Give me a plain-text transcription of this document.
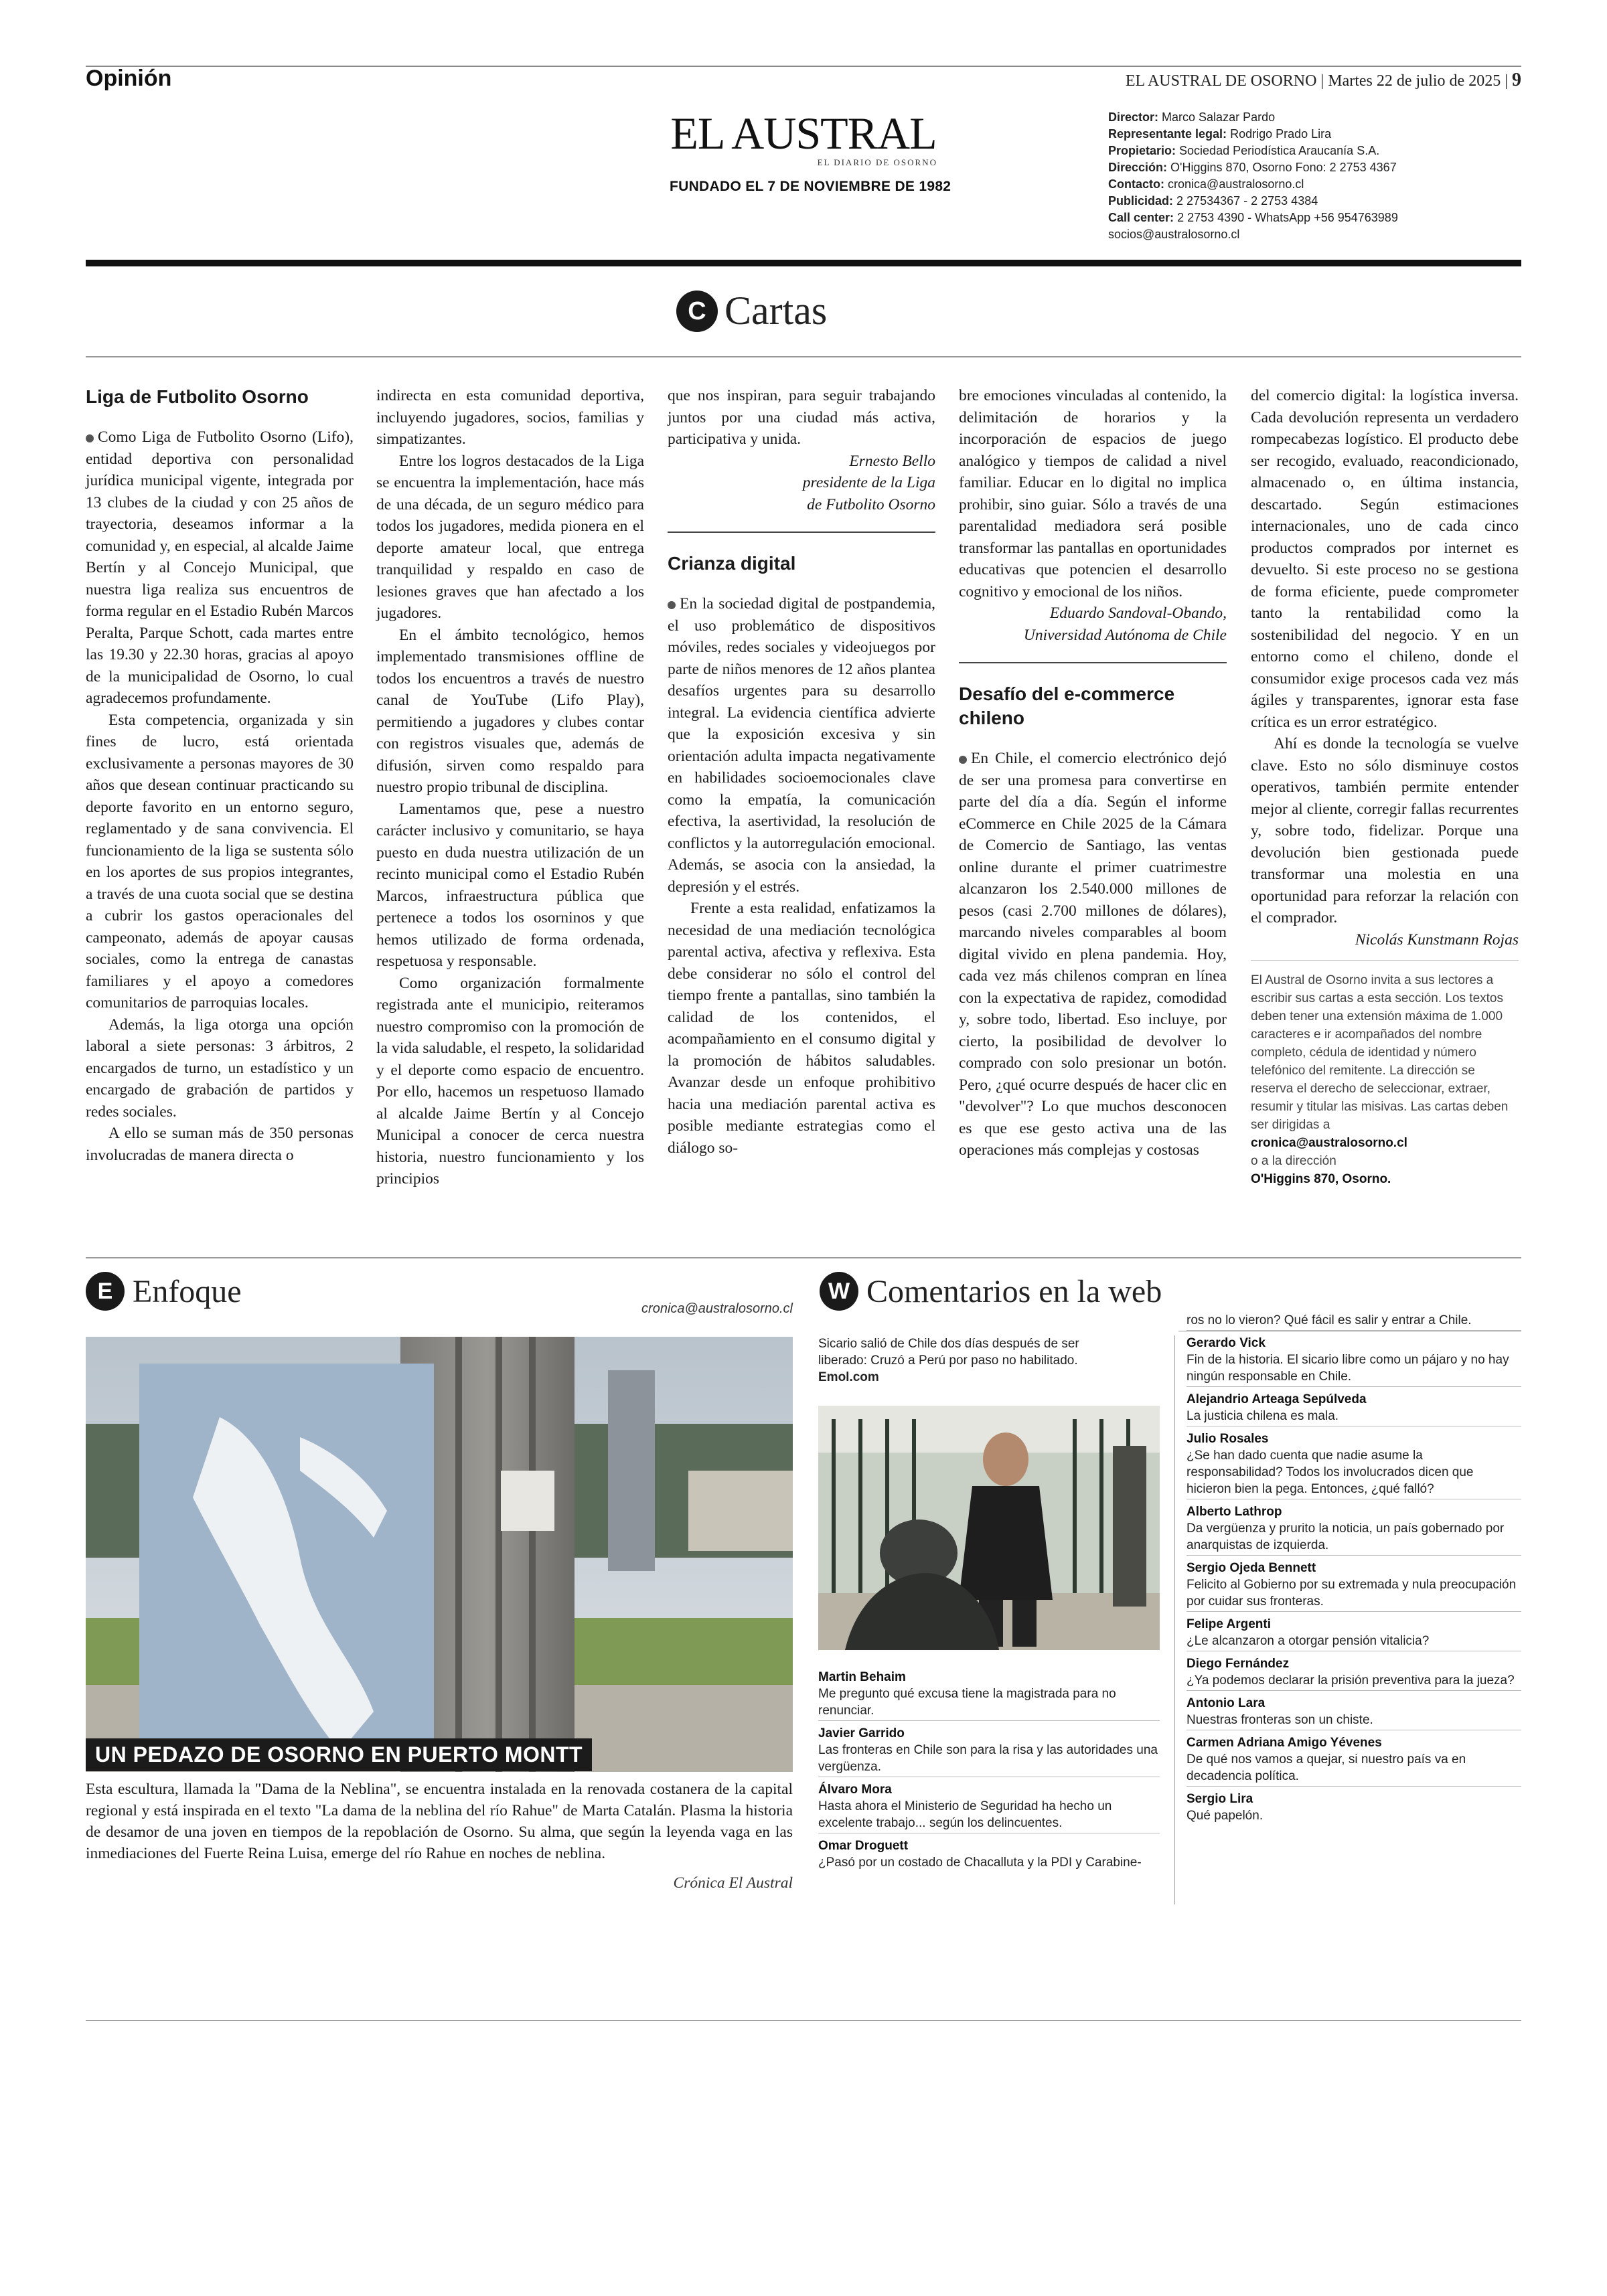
Opinión	EL AUSTRAL DE OSORNO | Martes 22 de julio de 2025 | 9
EL AUSTRAL
EL DIARIO DE OSORNO
FUNDADO EL 7 DE NOVIEMBRE DE 1982
Director: Marco Salazar Pardo
Representante legal: Rodrigo Prado Lira
Propietario: Sociedad Periodística Araucanía S.A.
Dirección: O'Higgins 870, Osorno Fono: 2 2753 4367
Contacto: cronica@australosorno.cl
Publicidad: 2 27534367 - 2 2753 4384
Call center: 2 2753 4390 - WhatsApp +56 954763989
socios@australosorno.cl
C Cartas
Liga de Futbolito Osorno

Como Liga de Futbolito Osorno (Lifo), entidad deportiva con personalidad jurídica municipal vigente, integrada por 13 clubes de la ciudad y con 25 años de trayectoria, deseamos informar a la comunidad y, en especial, al alcalde Jaime Bertín y al Concejo Municipal, que nuestra liga realiza sus encuentros de forma regular en el Estadio Rubén Marcos Peralta, Parque Schott, cada martes entre las 19.30 y 22.30 horas, gracias al apoyo de la municipalidad de Osorno, lo cual agradecemos profundamente.

Esta competencia, organizada y sin fines de lucro, está orientada exclusivamente a personas mayores de 30 años que desean continuar practicando su deporte favorito en un entorno seguro, reglamentado y de sana convivencia. El funcionamiento de la liga se sustenta sólo en los aportes de sus propios integrantes, a través de una cuota social que se destina a cubrir los gastos operacionales del campeonato, además de apoyar causas sociales, como la entrega de canastas familiares y el apoyo a comedores comunitarios de parroquias locales.

Además, la liga otorga una opción laboral a siete personas: 3 árbitros, 2 encargados de turno, un estadístico y un encargado de grabación de partidos y redes sociales.

A ello se suman más de 350 personas involucradas de manera directa o

indirecta en esta comunidad deportiva, incluyendo jugadores, socios, familias y simpatizantes.

Entre los logros destacados de la Liga se encuentra la implementación, hace más de una década, de un seguro médico para todos los jugadores, medida pionera en el deporte amateur local, que entrega tranquilidad y respaldo en caso de lesiones graves que han afectado a los jugadores.

En el ámbito tecnológico, hemos implementado transmisiones offline de todos los encuentros a través de nuestro canal de YouTube (Lifo Play), permitiendo a jugadores y clubes contar con registros visuales que, además de difusión, sirven como respaldo para nuestro propio tribunal de disciplina.

Lamentamos que, pese a nuestro carácter inclusivo y comunitario, se haya puesto en duda nuestra utilización de un recinto municipal como el Estadio Rubén Marcos, infraestructura pública que pertenece a todos los osorninos y que hemos utilizado de forma ordenada, respetuosa y responsable.

Como organización formalmente registrada ante el municipio, reiteramos nuestro compromiso con la promoción de la vida saludable, el respeto, la solidaridad y el deporte como espacio de encuentro. Por ello, hacemos un respetuoso llamado al alcalde Jaime Bertín y al Concejo Municipal a conocer de cerca nuestra historia, nuestro funcionamiento y los principios

que nos inspiran, para seguir trabajando juntos por una ciudad más activa, participativa y unida.

Ernesto Bello
presidente de la Liga
de Futbolito Osorno

Crianza digital

En la sociedad digital de postpandemia, el uso problemático de dispositivos móviles, redes sociales y videojuegos por parte de niños menores de 12 años plantea desafíos urgentes para su desarrollo integral. La evidencia científica advierte que la exposición excesiva y sin orientación adulta impacta negativamente en habilidades socioemocionales clave como la empatía, la comunicación efectiva, la asertividad, la resolución de conflictos y la autorregulación emocional. Además, se asocia con la ansiedad, la depresión y el estrés.

Frente a esta realidad, enfatizamos la necesidad de una mediación tecnológica parental activa, afectiva y reflexiva. Esta debe considerar no sólo el control del tiempo frente a pantallas, sino también la calidad de los contenidos, el acompañamiento en el consumo digital y la promoción de hábitos saludables. Avanzar desde un enfoque prohibitivo hacia una mediación parental activa es posible mediante estrategias como el diálogo so-

bre emociones vinculadas al contenido, la delimitación de horarios y la incorporación de espacios de juego analógico y tiempos de calidad a nivel familiar. Educar en lo digital no implica prohibir, sino guiar. Sólo a través de una parentalidad mediadora será posible transformar las pantallas en oportunidades educativas que potencien el desarrollo cognitivo y emocional de los niños.

Eduardo Sandoval-Obando,
Universidad Autónoma de Chile

Desafío del e-commerce chileno

En Chile, el comercio electrónico dejó de ser una promesa para convertirse en parte del día a día. Según el informe eCommerce en Chile 2025 de la Cámara de Comercio de Santiago, las ventas online durante el primer cuatrimestre alcanzaron los 2.540.000 millones de pesos (casi 2.700 millones de dólares), marcando niveles comparables al boom digital vivido en plena pandemia. Hoy, cada vez más chilenos compran en línea con la expectativa de rapidez, comodidad y, sobre todo, libertad. Eso incluye, por cierto, la posibilidad de devolver lo comprado con solo presionar un botón. Pero, ¿qué ocurre después de hacer clic en "devolver"? Lo que muchos desconocen es que ese gesto activa una de las operaciones más complejas y costosas

del comercio digital: la logística inversa. Cada devolución representa un verdadero rompecabezas logístico. El producto debe ser recogido, evaluado, reacondicionado, almacenado o, en última instancia, descartado. Según estimaciones internacionales, uno de cada cinco productos comprados por internet es devuelto. Si este proceso no se gestiona de forma eficiente, puede comprometer tanto la rentabilidad como la sostenibilidad del negocio. Y en un entorno como el chileno, donde el consumidor exige procesos cada vez más ágiles y transparentes, ignorar esta fase crítica es un error estratégico.

Ahí es donde la tecnología se vuelve clave. Esto no sólo disminuye costos operativos, también permite entender mejor al cliente, corregir fallas recurrentes y, sobre todo, fidelizar. Porque una devolución bien gestionada puede transformar una molestia en una oportunidad para reforzar la relación con el comprador.

Nicolás Kunstmann Rojas

El Austral de Osorno invita a sus lectores a escribir sus cartas a esta sección. Los textos deben tener una extensión máxima de 1.000 caracteres e ir acompañados del nombre completo, cédula de identidad y número telefónico del remitente. La dirección se reserva el derecho de seleccionar, extraer, resumir y titular las misivas. Las cartas deben ser dirigidas a
cronica@australosorno.cl
o a la dirección
O'Higgins 870, Osorno.
E Enfoque	cronica@australosorno.cl
UN PEDAZO DE OSORNO EN PUERTO MONTT
Esta escultura, llamada la "Dama de la Neblina", se encuentra instalada en la renovada costanera de la capital regional y está inspirada en el texto "La dama de la neblina del río Rahue" de Marta Catalán. Plasma la historia de desamor de una joven en tiempos de la repoblación de Osorno. Su alma, que según la leyenda vaga en las inmediaciones del Fuerte Reina Luisa, emerge del río Rahue en noches de neblina.
Crónica El Austral
W Comentarios en la web
Sicario salió de Chile dos días después de ser liberado: Cruzó a Perú por paso no habilitado. Emol.com
Martin Behaim
Me pregunto qué excusa tiene la magistrada para no renunciar.
Javier Garrido
Las fronteras en Chile son para la risa y las autoridades una vergüenza.
Álvaro Mora
Hasta ahora el Ministerio de Seguridad ha hecho un excelente trabajo... según los delincuentes.
Omar Droguett
¿Pasó por un costado de Chacalluta y la PDI y Carabine-
ros no lo vieron? Qué fácil es salir y entrar a Chile.
Gerardo Vick
Fin de la historia. El sicario libre como un pájaro y no hay ningún responsable en Chile.
Alejandrio Arteaga Sepúlveda
La justicia chilena es mala.
Julio Rosales
¿Se han dado cuenta que nadie asume la responsabilidad? Todos los involucrados dicen que hicieron bien la pega. Entonces, ¿qué falló?
Alberto Lathrop
Da vergüenza y prurito la noticia, un país gobernado por anarquistas de izquierda.
Sergio Ojeda Bennett
Felicito al Gobierno por su extremada y nula preocupación por cuidar sus fronteras.
Felipe Argenti
¿Le alcanzaron a otorgar pensión vitalicia?
Diego Fernández
¿Ya podemos declarar la prisión preventiva para la jueza?
Antonio Lara
Nuestras fronteras son un chiste.
Carmen Adriana Amigo Yévenes
De qué nos vamos a quejar, si nuestro país va en decadencia política.
Sergio Lira
Qué papelón.
